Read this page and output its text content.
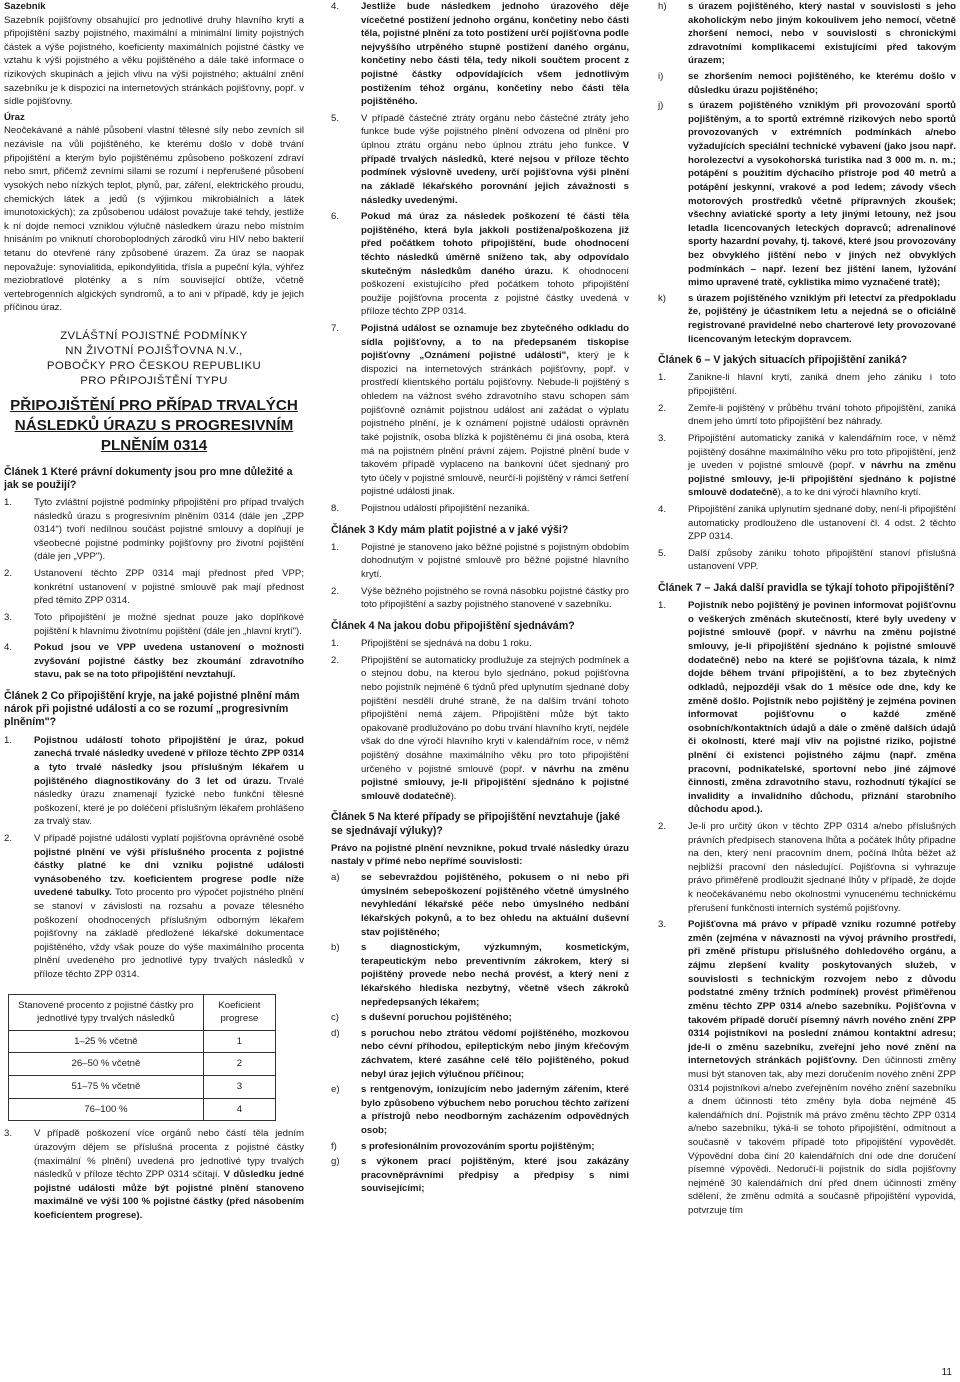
Sazebník

Sazebník pojišťovny obsahující pro jednotlivé druhy hlavního krytí a připojištění sazby pojistného, maximální a minimální limity pojistných částek a výše pojistného, koeficienty maximálních pojistné částky ve vztahu k výši pojistného a věku pojištěného a dále také informace o rizikových skupinách a jejich vlivu na výši pojistného; aktuální znění sazebníku je k dispozici na internetových stránkách pojišťovny, popř. v sídle pojišťovny.

Úraz

Neočekávané a náhlé působení vlastní tělesné síly nebo zevních sil nezávisle na vůli pojištěného, ke kterému došlo v době trvání připojištění a kterým bylo pojištěnému způsobeno poškození zdraví nebo smrt, přičemž zevními silami se rozumí i nepřerušené působení vysokých nebo nízkých teplot, plynů, par, záření, elektrického proudu, chemických látek a jedů (s výjimkou mikrobiálních a látek imunotoxických); za způsobenou událost považuje také tehdy, jestliže k ní dojde nemocí vzniklou výlučně následkem úrazu nebo místním hnisáním po vniknutí choroboplodných zárodků viru HIV nebo bakterií tetanu do otevřené rány způsobené úrazem. Za úraz se naopak nepovažuje: synovialitida, epikondylitida, třísla a pupeční kýla, výhřez meziobratlové ploténky a s ním související obtíže, včetně vertebrogenních algických syndromů, a to ani v případě, kdy je jejich příčinou úraz.

ZVLÁŠTNÍ POJISTNÉ PODMÍNKY
NN ŽIVOTNÍ POJIŠŤOVNA N.V.,
POBOČKY PRO ČESKOU REPUBLIKU
PRO PŘIPOJIŠTĚNÍ TYPU
PŘIPOJIŠTĚNÍ PRO PŘÍPAD TRVALÝCH NÁSLEDKŮ ÚRAZU S PROGRESIVNÍM PLNĚNÍM 0314
Článek 1 Které právní dokumenty jsou pro mne důležité a jak se použijí?
1.	Tyto zvláštní pojistné podmínky připojištění pro případ trvalých následků úrazu s progresivním plněním 0314 (dále jen „ZPP 0314") tvoří nedílnou součást pojistné smlouvy a doplňují je všeobecné pojistné podmínky pojišťovny pro životní pojištění (dále jen „VPP").
2.	Ustanovení těchto ZPP 0314 mají přednost před VPP; konkrétní ustanovení v pojistné smlouvě pak mají přednost před těmito ZPP 0314.
3.	Toto připojištění je možné sjednat pouze jako doplňkové pojištění k hlavnímu životnímu pojištění (dále jen „hlavní krytí").
4.	Pokud jsou ve VPP uvedena ustanovení o možnosti zvyšování pojistné částky bez zkoumání zdravotního stavu, pak se na toto připojištění nevztahují.
Článek 2 Co připojištění kryje, na jaké pojistné plnění mám nárok při pojistné události a co se rozumí „progresivním plněním"?
1.	Pojistnou událostí tohoto připojištění je úraz, pokud zanechá trvalé následky uvedené v příloze těchto ZPP 0314 a tyto trvalé následky jsou příslušným lékařem u pojištěného diagnostikovány do 3 let od úrazu. Trvalé následky úrazu znamenají fyzické nebo funkční tělesné poškození, které je po doléčení příslušným lékařem prohlášeno za trvalý stav.
2.	V případě pojistné události vyplatí pojišťovna oprávněné osobě pojistné plnění ve výši příslušného procenta z pojistné částky platné ke dni vzniku pojistné události vynásobeného tzv. koeficientem progrese podle níže uvedené tabulky. Toto procento pro výpočet pojistného plnění se stanoví v závislosti na rozsahu a povaze tělesného poškození ohodnocených příslušným odborným lékařem pojišťovny na základě předložené lékařské dokumentace pojištěného, vždy však pouze do výše maximálního procenta plnění uvedeného pro jednotlivé typy trvalých následků v příloze těchto ZPP 0314.
Stanovené procento z pojistné částky pro jednotlivé typy trvalých následků	Koeficient progrese
1–25 % včetně	1
26–50 % včetně	2
51–75 % včetně	3
76–100 %	4
3.	V případě poškození více orgánů nebo částí těla jedním úrazovým dějem se příslušná procenta z pojistné částky (maximální % plnění) uvedená pro jednotlivé typy trvalých následků v příloze těchto ZPP 0314 sčítají. V důsledku jedné pojistné události může být pojistné plnění stanoveno maximálně ve výši 100 % pojistné částky (před násobením koeficientem progrese).
4.	Jestliže bude následkem jednoho úrazového děje vícečetné postižení jednoho orgánu, končetiny nebo části těla, pojistné plnění za toto postižení určí pojišťovna podle nejvyššího utrpěného stupně postižení daného orgánu, končetiny nebo části těla, tedy nikoli součtem procent z pojistné částky odpovídajících všem jednotlivým postižením téhož orgánu, končetiny nebo části těla pojištěného.
5.	V případě částečné ztráty orgánu nebo částečné ztráty jeho funkce bude výše pojistného plnění odvozena od plnění pro úplnou ztrátu orgánu nebo úplnou ztrátu jeho funkce. V případě trvalých následků, které nejsou v příloze těchto podmínek výslovně uvedeny, určí pojišťovna výši plnění na základě lékařského porovnání jejich závažnosti s následky uvedenými.
6.	Pokud má úraz za následek poškození té části těla pojištěného, která byla jakkoli postižena/poškozena již před počátkem tohoto připojištění, bude ohodnocení těchto následků úměrně sníženo tak, aby odpovídalo skutečným následkům daného úrazu. K ohodnocení poškození existujícího před počátkem tohoto připojištění použije pojišťovna procenta z pojistné částky uvedená v příloze těchto ZPP 0314.
7.	Pojistná událost se oznamuje bez zbytečného odkladu do sídla pojišťovny, a to na předepsaném tiskopise pojišťovny „Oznámení pojistné události", který je k dispozici na internetových stránkách pojišťovny, popř. v prostředí klientského portálu pojišťovny. Nebude-li pojištěný s ohledem na vážnost svého zdravotního stavu schopen sám pojišťovně oznámit pojistnou událost ani zažádat o výplatu pojistného plnění, je k oznámení pojistné události oprávněn také pojistník, osoba blízká k pojištěnému či jiná osoba, která má na pojistném plnění právní zájem. Pojistné plnění bude v takovém případě vyplaceno na bankovní účet sjednaný pro tyto účely v pojistné smlouvě, neurčí-li pojištěný v rámci šetření pojistné události jinak.
8.	Pojistnou událostí připojištění nezaniká.
Článek 3 Kdy mám platit pojistné a v jaké výši?
1.	Pojistné je stanoveno jako běžné pojistné s pojistným obdobím dohodnutým v pojistné smlouvě pro běžné pojistné hlavního krytí.
2.	Výše běžného pojistného se rovná násobku pojistné částky pro toto připojištění a sazby pojistného stanovené v sazebníku.
Článek 4 Na jakou dobu připojištění sjednávám?
1.	Připojištění se sjednává na dobu 1 roku.
2.	Připojištění se automaticky prodlužuje za stejných podmínek a o stejnou dobu, na kterou bylo sjednáno, pokud pojišťovna nebo pojistník nejméně 6 týdnů před uplynutím sjednané doby pojištění nesdělí druhé straně, že na dalším trvání tohoto připojištění nemá zájem. Připojištění může být takto opakovaně prodlužováno po dobu trvání hlavního krytí, nejdéle však do dne výročí hlavního krytí v kalendářním roce, v němž pojištěný dosáhne maximálního věku pro toto připojištění určeného v pojistné smlouvě (popř. v návrhu na změnu pojistné smlouvy, je-li připojištění sjednáno k pojistné smlouvě dodatečně).
Článek 5 Na které případy se připojištění nevztahuje (jaké se sjednávají výluky)?

Právo na pojistné plnění nevznikne, pokud trvalé následky úrazu nastaly v přímé nebo nepřímé souvislosti:

a)	se sebevraždou pojištěného, pokusem o ni nebo při úmyslném sebepoškození pojištěného včetně úmyslného nevyhledání lékařské péče nebo úmyslného nedbání lékařských pokynů, a to bez ohledu na aktuální duševní stav pojištěného;
b)	s diagnostickým, výzkumným, kosmetickým, terapeutickým nebo preventivním zákrokem, který si pojištěný provede nebo nechá provést, a který není z lékařského hlediska nezbytný, včetně všech zákroků nepředepsaných lékařem;
c)	s duševní poruchou pojištěného;
d)	s poruchou nebo ztrátou vědomí pojištěného, mozkovou nebo cévní příhodou, epileptickým nebo jiným křečovým záchvatem, které zasáhne celé tělo pojištěného, pokud nebyl úraz jejich výlučnou příčinou;
e)	s rentgenovým, ionizujícím nebo jaderným zářením, které bylo způsobeno výbuchem nebo poruchou těchto zařízení a přístrojů nebo neodborným zacházením odpovědných osob;
f)	s profesionálním provozováním sportu pojištěným;
g)	s výkonem prací pojištěným, které jsou zakázány pracovněprávními předpisy a předpisy s nimi souvisejícími;
h)	s úrazem pojištěného, který nastal v souvislosti s jeho akoholickým nebo jiným kokoulivem jeho nemocí, včetně zhoršení nemoci, nebo v souvislosti s chronickými zdravotními komplikacemi existujícími před takovým úrazem;
i)	se zhoršením nemoci pojištěného, ke kterému došlo v důsledku úrazu pojištěného;
j)	s úrazem pojištěného vzniklým při provozování sportů pojištěným, a to sportů extrémně rizikových nebo sportů provozovaných v extrémních podmínkách a/nebo vyžadujících speciální technické vybavení (jako jsou např. horolezectví a vysokohorská turistika nad 3 000 m. n. m.; potápění s použitím dýchacího přístroje pod 40 metrů a potápění jeskynní, vrakové a pod ledem; závody všech motorových prostředků včetně přípravných zkoušek; všechny aviatické sporty a lety jinými letouny, než jsou letadla licencovaných leteckých dopravců; adrenalinové sporty hazardní povahy, tj. takové, které jsou provozovány bez obvyklého jištění nebo v jiných než obvyklých podmínkách – např. lezení bez jištění lanem, lyžování mimo upravené tratě, cyklistika mimo vyznačené tratě);
k)	s úrazem pojištěného vzniklým při letectví za předpokladu že, pojištěný je účastníkem letu a nejedná se o oficiálně registrované pravidelné nebo charterové lety provozované licencovaným leteckým dopravcem.
Článek 6 – V jakých situacích připojištění zaniká?
1.	Zanikne-li hlavní krytí, zaniká dnem jeho zániku i toto připojištění.
2.	Zemře-li pojištěný v průběhu trvání tohoto připojištění, zaniká dnem jeho úmrtí toto připojištění bez náhrady.
3.	Připojištění automaticky zaniká v kalendářním roce, v němž pojištěný dosáhne maximálního věku pro toto připojištění, jenž je uveden v pojistné smlouvě (popř. v návrhu na změnu pojistné smlouvy, je-li připojištění sjednáno k pojistné smlouvě dodatečně), a to ke dni výročí hlavního krytí.
4.	Připojištění zaniká uplynutím sjednané doby, není-li připojištění automaticky prodlouženo dle ustanovení čl. 4 odst. 2 těchto ZPP 0314.
5.	Další způsoby zániku tohoto připojištění stanoví příslušná ustanovení VPP.
Článek 7 – Jaká další pravidla se týkají tohoto připojištění?
1.	Pojistník nebo pojištěný je povinen informovat pojišťovnu o veškerých změnách skutečností, které byly uvedeny v pojistné smlouvě (popř. v návrhu na změnu pojistné smlouvy, je-li připojištění sjednáno k pojistné smlouvě dodatečně) nebo na které se pojišťovna tázala, k nimž dojde během trvání připojištění, a to bez zbytečných odkladů, nejpozději však do 1 měsíce ode dne, kdy ke změně došlo. Pojistník nebo pojištěný je zejména povinen informovat pojišťovnu o každé změně osobních/kontaktních údajů a dále o změně dalších údajů či okolností, které mají vliv na pojistné riziko, pojistné plnění či existenci pojistného zájmu (např. změna pracovní, podnikatelské, sportovní nebo jiné zájmové činnosti, změna zdravotního stavu, rozhodnutí týkající se invalidity a invalidního důchodu, přiznání starobního důchodu apod.).
2.	Je-li pro určitý úkon v těchto ZPP 0314 a/nebo příslušných právních předpisech stanovena lhůta a počátek lhůty připadne na den, který není pracovním dnem, počíná lhůta běžet až nejbližší pracovní den následující. Pojišťovna si vyhrazuje právo přiměřeně prodloužit sjednané lhůty v případě, že dojde k neočekávanému nebo okolnostmi vynucenému technickému přerušení funkčnosti interních systémů pojišťovny.
3.	Pojišťovna má právo v případě vzniku rozumné potřeby změn (zejména v návaznosti na vývoj právního prostředí, při změně přístupu příslušného dohledového orgánu, a zájmu zlepšení kvality poskytovaných služeb, v souvislosti s technickým rozvojem nebo z důvodu podstatné změny tržních podmínek) provést přiměřenou změnu těchto ZPP 0314 a/nebo sazebníku. Pojišťovna v takovém případě doručí písemný návrh nového znění ZPP 0314 pojistníkovi na poslední známou kontaktní adresu; jde-li o změnu sazebníku, zveřejní jeho nové znění na internetových stránkách pojišťovny. Den účinnosti změny musí být stanoven tak, aby mezi doručením nového znění ZPP 0314 pojistníkovi a/nebo zveřejněním nového znění sazebníku a dnem účinnosti této změny byla doba nejméně 45 kalendářních dní. Pojistník má právo změnu těchto ZPP 0314 a/nebo sazebníku, týká-li se tohoto připojištění, odmítnout a současně v takovém případě toto připojištění vypovědět. Výpovědní doba činí 20 kalendářních dní ode dne doručení písemné výpovědi. Nedoručí-li pojistník do sídla pojišťovny nejméně 30 kalendářních dní před dnem účinnosti změny sdělení, že změnu odmítá a současně připojištění vypovídá, potvrzuje tím
11
